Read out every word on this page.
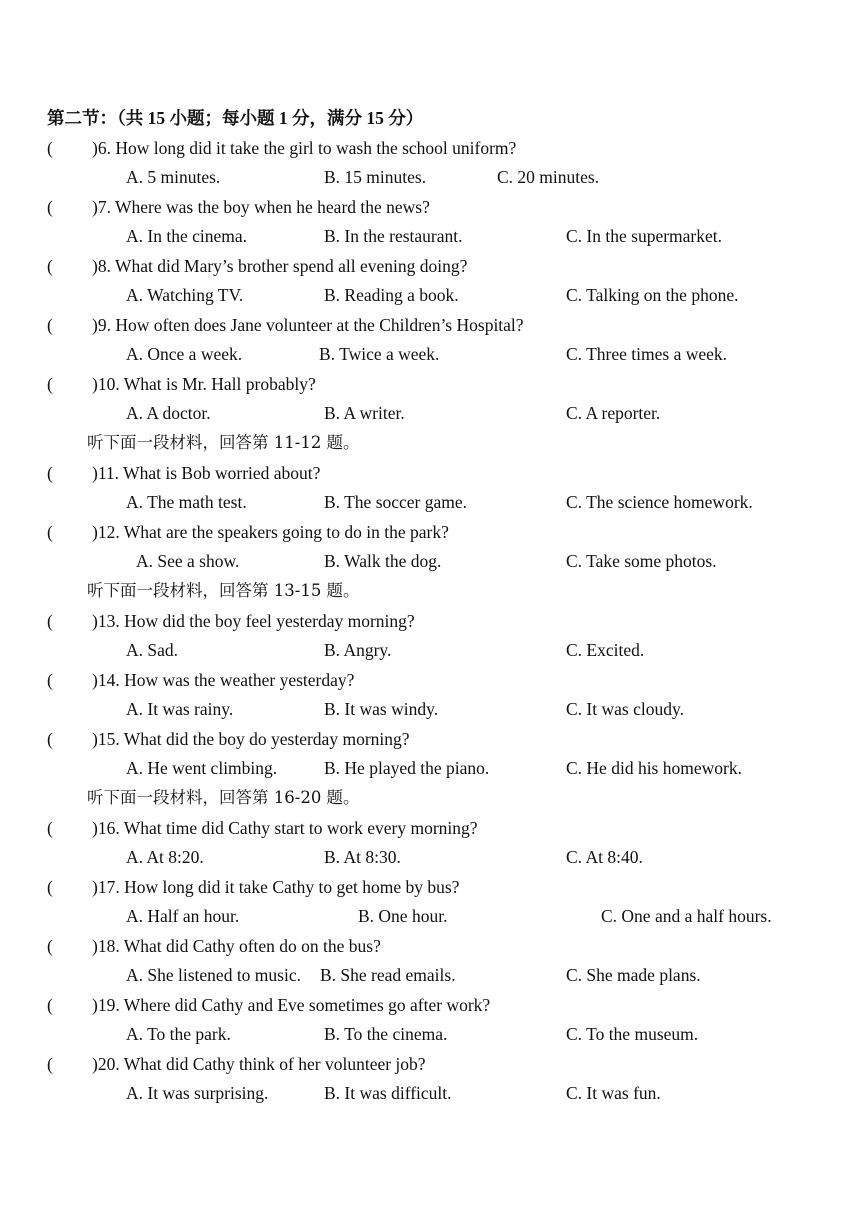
第二节：（共 15 小题；每小题 1 分，满分 15 分）
( )6. How long did it take the girl to wash the school uniform?
A. 5 minutes.	B. 15 minutes.	C. 20 minutes.
( )7. Where was the boy when he heard the news?
A. In the cinema.	B. In the restaurant.	C. In the supermarket.
( )8. What did Mary’s brother spend all evening doing?
A. Watching TV.	B. Reading a book.	C. Talking on the phone.
( )9. How often does Jane volunteer at the Children’s Hospital?
A. Once a week.	B. Twice a week.	C. Three times a week.
( )10. What is Mr. Hall probably?
A. A doctor.	B. A writer.	C. A reporter.
听下面一段材料，回答第 11-12 题。
( )11. What is Bob worried about?
A. The math test.	B. The soccer game.	C. The science homework.
( )12. What are the speakers going to do in the park?
A. See a show.	B. Walk the dog.	C. Take some photos.
听下面一段材料，回答第 13-15 题。
( )13. How did the boy feel yesterday morning?
A. Sad.	B. Angry.	C. Excited.
( )14. How was the weather yesterday?
A. It was rainy.	B. It was windy.	C. It was cloudy.
( )15. What did the boy do yesterday morning?
A. He went climbing.	B. He played the piano.	C. He did his homework.
听下面一段材料，回答第 16-20 题。
( )16. What time did Cathy start to work every morning?
A. At 8:20.	B. At 8:30.	C. At 8:40.
( )17. How long did it take Cathy to get home by bus?
A. Half an hour.	B. One hour.	C. One and a half hours.
( )18. What did Cathy often do on the bus?
A. She listened to music. B. She read emails.	C. She made plans.
( )19. Where did Cathy and Eve sometimes go after work?
A. To the park.	B. To the cinema.	C. To the museum.
( )20. What did Cathy think of her volunteer job?
A. It was surprising.	B. It was difficult.	C. It was fun.
